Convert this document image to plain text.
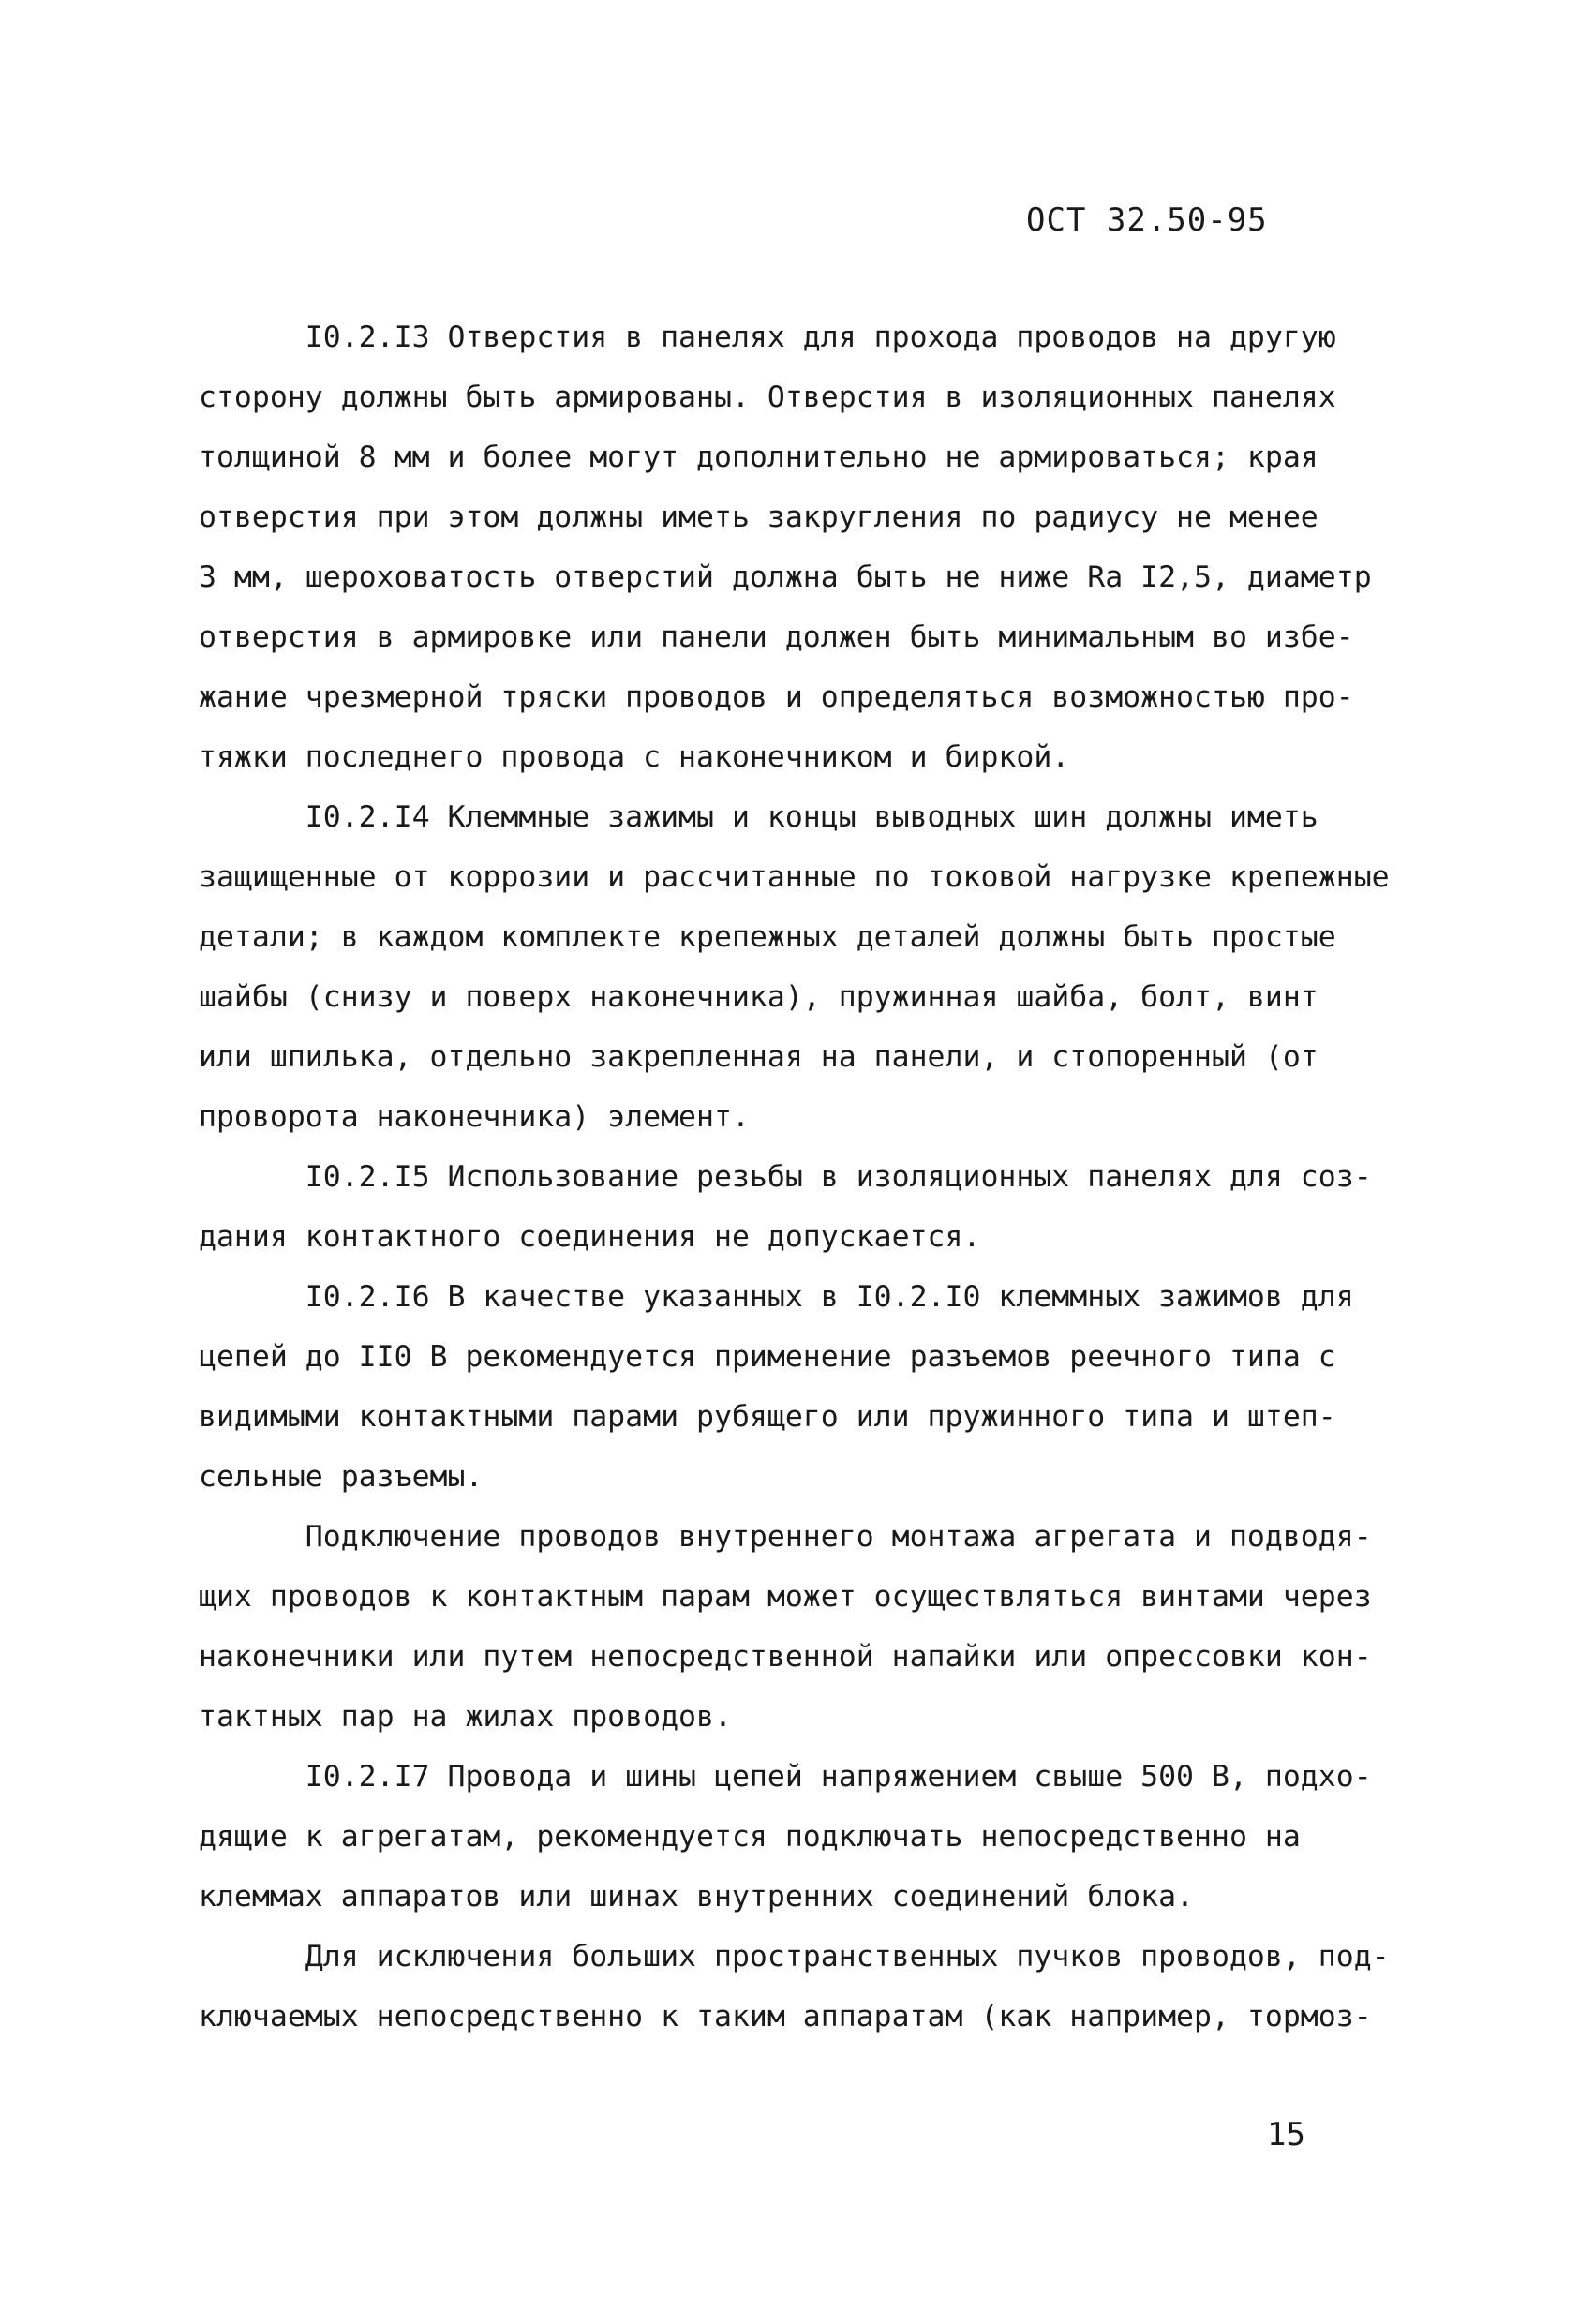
ОСТ 32.50-95
I0.2.I3 Отверстия в панелях для прохода проводов на другую
сторону должны быть армированы. Отверстия в изоляционных панелях
толщиной 8 мм и более могут дополнительно не армироваться; края
отверстия при этом должны иметь закругления по радиусу не менее
3 мм, шероховатость отверстий должна быть не ниже Ra I2,5, диаметр
отверстия в армировке или панели должен быть минимальным во избе-
жание чрезмерной тряски проводов и определяться возможностью про-
тяжки последнего провода с наконечником и биркой.
I0.2.I4 Клеммные зажимы и концы выводных шин должны иметь
защищенные от коррозии и рассчитанные по токовой нагрузке крепежные
детали; в каждом комплекте крепежных деталей должны быть простые
шайбы (снизу и поверх наконечника), пружинная шайба, болт, винт
или шпилька, отдельно закрепленная на панели, и стопоренный (от
проворота наконечника) элемент.
I0.2.I5 Использование резьбы в изоляционных панелях для соз-
дания контактного соединения не допускается.
I0.2.I6 В качестве указанных в I0.2.I0 клеммных зажимов для
цепей до II0 В рекомендуется применение разъемов реечного типа с
видимыми контактными парами рубящего или пружинного типа и штеп-
сельные разъемы.
Подключение проводов внутреннего монтажа агрегата и подводя-
щих проводов к контактным парам может осуществляться винтами через
наконечники или путем непосредственной напайки или опрессовки кон-
тактных пар на жилах проводов.
I0.2.I7 Провода и шины цепей напряжением свыше 500 В, подхо-
дящие к агрегатам, рекомендуется подключать непосредственно на
клеммах аппаратов или шинах внутренних соединений блока.
Для исключения больших пространственных пучков проводов, под-
ключаемых непосредственно к таким аппаратам (как например, тормоз-
15
